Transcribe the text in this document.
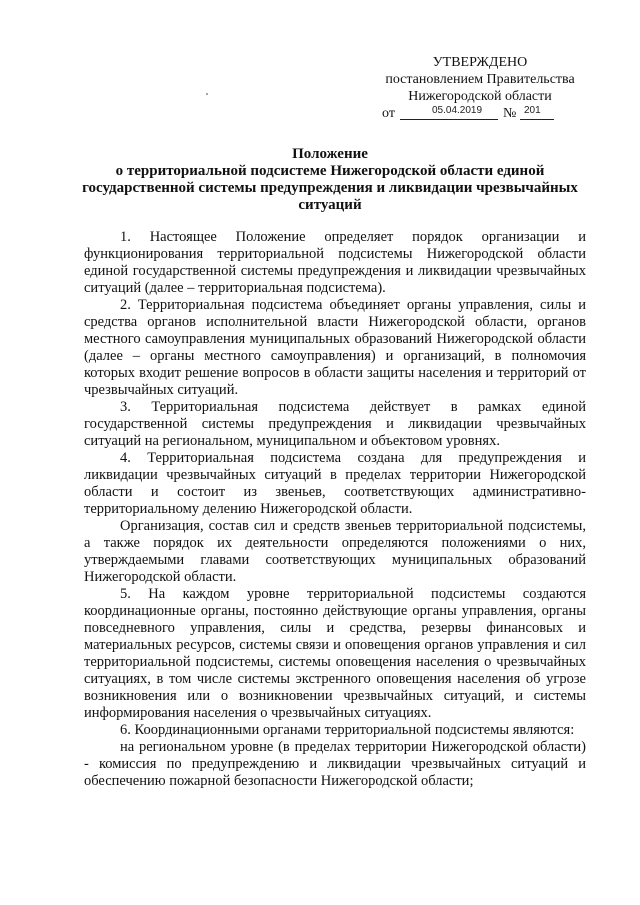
УТВЕРЖДЕНО
постановлением Правительства
Нижегородской области
от	05.04.2019 № 201
Положение
о территориальной подсистеме Нижегородской области единой
государственной системы предупреждения и ликвидации чрезвычайных
ситуаций

1. Настоящее Положение определяет порядок организации и функционирования территориальной подсистемы Нижегородской области единой государственной системы предупреждения и ликвидации чрезвычайных ситуаций (далее – территориальная подсистема).

2. Территориальная подсистема объединяет органы управления, силы и средства органов исполнительной власти Нижегородской области, органов местного самоуправления муниципальных образований Нижегородской области (далее – органы местного самоуправления) и организаций, в полномочия которых входит решение вопросов в области защиты населения и территорий от чрезвычайных ситуаций.

3. Территориальная подсистема действует в рамках единой государственной системы предупреждения и ликвидации чрезвычайных ситуаций на региональном, муниципальном и объектовом уровнях.

4. Территориальная подсистема создана для предупреждения и ликвидации чрезвычайных ситуаций в пределах территории Нижегородской области и состоит из звеньев, соответствующих административно-территориальному делению Нижегородской области.

Организация, состав сил и средств звеньев территориальной подсистемы, а также порядок их деятельности определяются положениями о них, утверждаемыми главами соответствующих муниципальных образований Нижегородской области.

5. На каждом уровне территориальной подсистемы создаются координационные органы, постоянно действующие органы управления, органы повседневного управления, силы и средства, резервы финансовых и материальных ресурсов, системы связи и оповещения органов управления и сил территориальной подсистемы, системы оповещения населения о чрезвычайных ситуациях, в том числе системы экстренного оповещения населения об угрозе возникновения или о возникновении чрезвычайных ситуаций, и системы информирования населения о чрезвычайных ситуациях.

6. Координационными органами территориальной подсистемы являются:

на региональном уровне (в пределах территории Нижегородской области) - комиссия по предупреждению и ликвидации чрезвычайных ситуаций и обеспечению пожарной безопасности Нижегородской области;
